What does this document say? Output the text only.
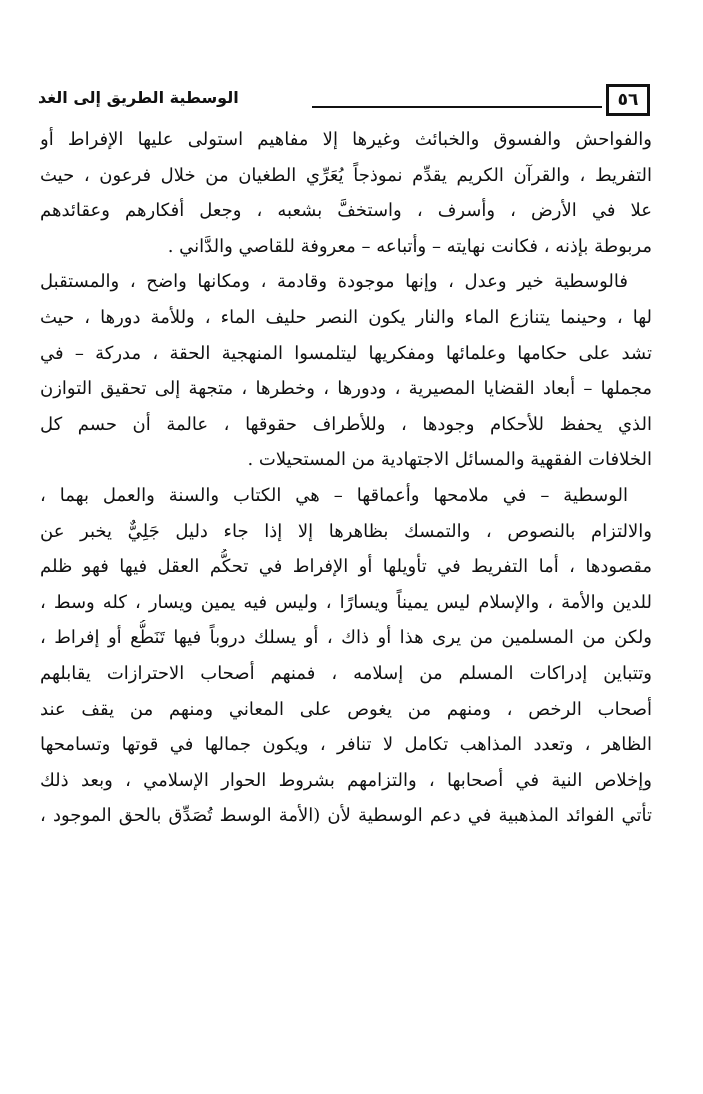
٥٦
الوسطية الطريق إلى الغد
والفواحش والفسوق والخبائث وغيرها إلا مفاهيم استولى عليها الإفراط أو
التفريط ، والقرآن الكريم يقدِّم نموذجاً يُعَرِّي الطغيان من خلال فرعون ، حيث
علا في الأرض ، وأسرف ، واستخفَّ بشعبه ، وجعل أفكارهم وعقائدهم
مربوطة بإذنه ، فكانت نهايته – وأتباعه – معروفة للقاصي والدَّاني .
فالوسطية خير وعدل ، وإنها موجودة وقادمة ، ومكانها واضح ، والمستقبل
لها ، وحينما يتنازع الماء والنار يكون النصر حليف الماء ، وللأمة دورها ، حيث
تشد على حكامها وعلمائها ومفكريها ليتلمسوا المنهجية الحقة ، مدركة – في
مجملها – أبعاد القضايا المصيرية ، ودورها ، وخطرها ، متجهة إلى تحقيق التوازن
الذي يحفظ للأحكام وجودها ، وللأطراف حقوقها ، عالمة أن حسم كل
الخلافات الفقهية والمسائل الاجتهادية من المستحيلات .
الوسطية – في ملامحها وأعماقها – هي الكتاب والسنة والعمل بهما ،
والالتزام بالنصوص ، والتمسك بظاهرها إلا إذا جاء دليل جَلِيٌّ يخبر عن
مقصودها ، أما التفريط في تأويلها أو الإفراط في تحكُّم العقل فيها فهو ظلم
للدين والأمة ، والإسلام ليس يميناً ويسارًا ، وليس فيه يمين ويسار ، كله وسط ،
ولكن من المسلمين من يرى هذا أو ذاك ، أو يسلك دروباً فيها تَنَطُّع أو إفراط ،
وتتباين إدراكات المسلم من إسلامه ، فمنهم أصحاب الاحترازات يقابلهم
أصحاب الرخص ، ومنهم من يغوص على المعاني ومنهم من يقف عند
الظاهر ، وتعدد المذاهب تكامل لا تنافر ، ويكون جمالها في قوتها وتسامحها
وإخلاص النية في أصحابها ، والتزامهم بشروط الحوار الإسلامي ، وبعد ذلك
تأتي الفوائد المذهبية في دعم الوسطية لأن (الأمة الوسط تُصَدِّق بالحق الموجود ،
